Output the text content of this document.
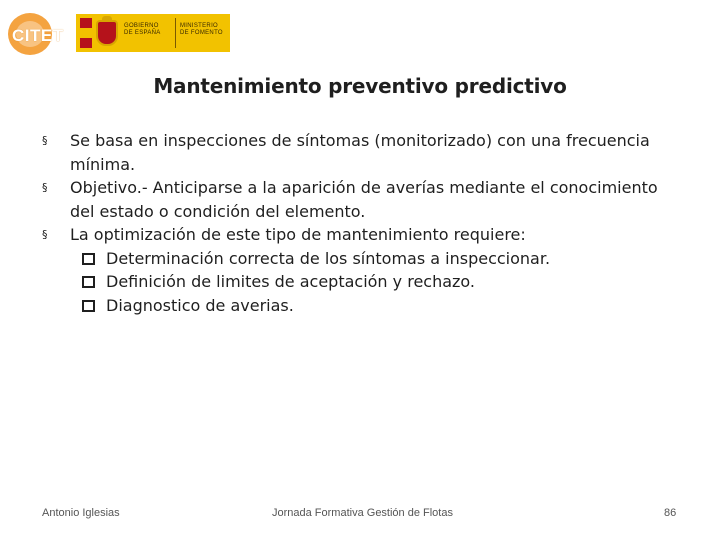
CITET	GOBIERNO
DE ESPAÑA
MINISTERIO
DE FOMENTO
Mantenimiento preventivo predictivo
§ Se basa en inspecciones de síntomas (monitorizado) con una frecuencia mínima.
§ Objetivo.- Anticiparse a la aparición de averías mediante el conocimiento del estado o condición del elemento.
§ La optimización de este tipo de mantenimiento requiere:
Determinación correcta de los síntomas a inspeccionar.
Definición de limites de aceptación y rechazo.
Diagnostico de averias.
Antonio Iglesias	Jornada Formativa Gestión de Flotas	86
